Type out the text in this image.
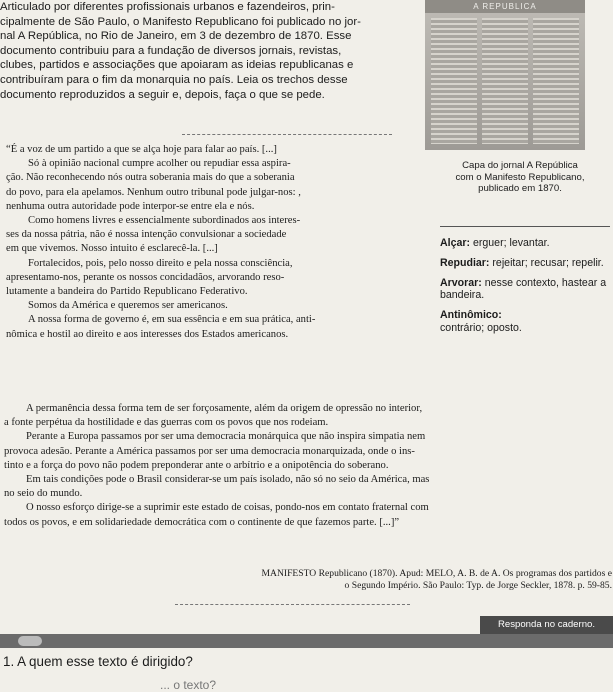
Articulado por diferentes profissionais urbanos e fazendeiros, prin-
cipalmente de São Paulo, o Manifesto Republicano foi publicado no jor-
nal A República, no Rio de Janeiro, em 3 de dezembro de 1870. Esse
documento contribuiu para a fundação de diversos jornais, revistas,
clubes, partidos e associações que apoiaram as ideias republicanas e
contribuíram para o fim da monarquia no país. Leia os trechos desse
documento reproduzidos a seguir e, depois, faça o que se pede.
A REPUBLICA
Capa do jornal A República
com o Manifesto Republicano,
publicado em 1870.
Alçar: erguer; levantar.
Repudiar: rejeitar; recusar; repelir.
Arvorar: nesse contexto, hastear a bandeira.
Antinômico:
contrário; oposto.

“É a voz de um partido a que se alça hoje para falar ao país. [...]

Só à opinião nacional cumpre acolher ou repudiar essa aspira-
ção. Não reconhecendo nós outra soberania mais do que a soberania
do povo, para ela apelamos. Nenhum outro tribunal pode julgar-nos: ,
nenhuma outra autoridade pode interpor-se entre ela e nós.

Como homens livres e essencialmente subordinados aos interes-
ses da nossa pátria, não é nossa intenção convulsionar a sociedade
em que vivemos. Nosso intuito é esclarecê-la. [...]

Fortalecidos, pois, pelo nosso direito e pela nossa consciência,
apresentamo-nos, perante os nossos concidadãos, arvorando reso-
lutamente a bandeira do Partido Republicano Federativo.

Somos da América e queremos ser americanos.

A nossa forma de governo é, em sua essência e em sua prática, anti-
nômica e hostil ao direito e aos interesses dos Estados americanos.

A permanência dessa forma tem de ser forçosamente, além da origem de opressão no interior,
a fonte perpétua da hostilidade e das guerras com os povos que nos rodeiam.

Perante a Europa passamos por ser uma democracia monárquica que não inspira simpatia nem
provoca adesão. Perante a América passamos por ser uma democracia monarquizada, onde o ins-
tinto e a força do povo não podem preponderar ante o arbítrio e a onipotência do soberano.

Em tais condições pode o Brasil considerar-se um país isolado, não só no seio da América, mas
no seio do mundo.

O nosso esforço dirige-se a suprimir este estado de coisas, pondo-nos em contato fraternal com
todos os povos, e em solidariedade democrática com o continente de que fazemos parte. [...]”

MANIFESTO Republicano (1870). Apud: MELO, A. B. de A. Os programas dos partidos e
o Segundo Império. São Paulo: Typ. de Jorge Seckler, 1878. p. 59-85.
Responda no caderno.
1. A quem esse texto é dirigido?
... o texto?
